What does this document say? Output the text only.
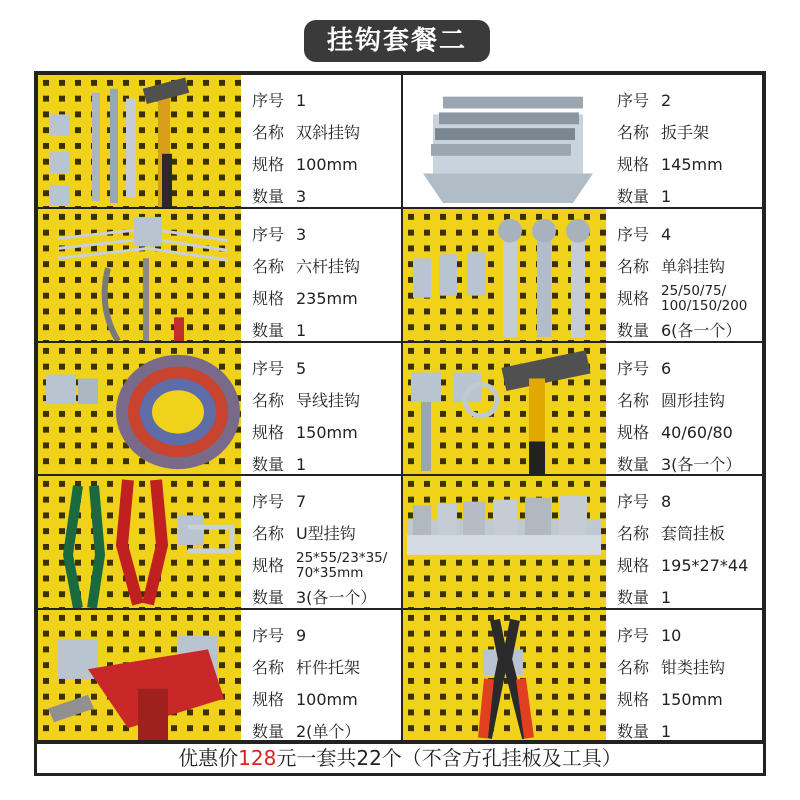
挂钩套餐二
序号 1
名称 双斜挂钩
规格 100mm
数量 3
序号 2
名称 扳手架
规格 145mm
数量 1
序号 3
名称 六杆挂钩
规格 235mm
数量 1
序号 4
名称 单斜挂钩
规格 25/50/75/
100/150/200
数量 6(各一个）
序号 5
名称 导线挂钩
规格 150mm
数量 1
序号 6
名称 圆形挂钩
规格 40/60/80
数量 3(各一个）
序号 7
名称 U型挂钩
规格 25*55/23*35/
70*35mm
数量 3(各一个）
序号 8
名称 套筒挂板
规格 195*27*44
数量 1
序号 9
名称 杆件托架
规格 100mm
数量 2(单个）
序号 10
名称 钳类挂钩
规格 150mm
数量 1
优惠价128元一套共22个（不含方孔挂板及工具）
